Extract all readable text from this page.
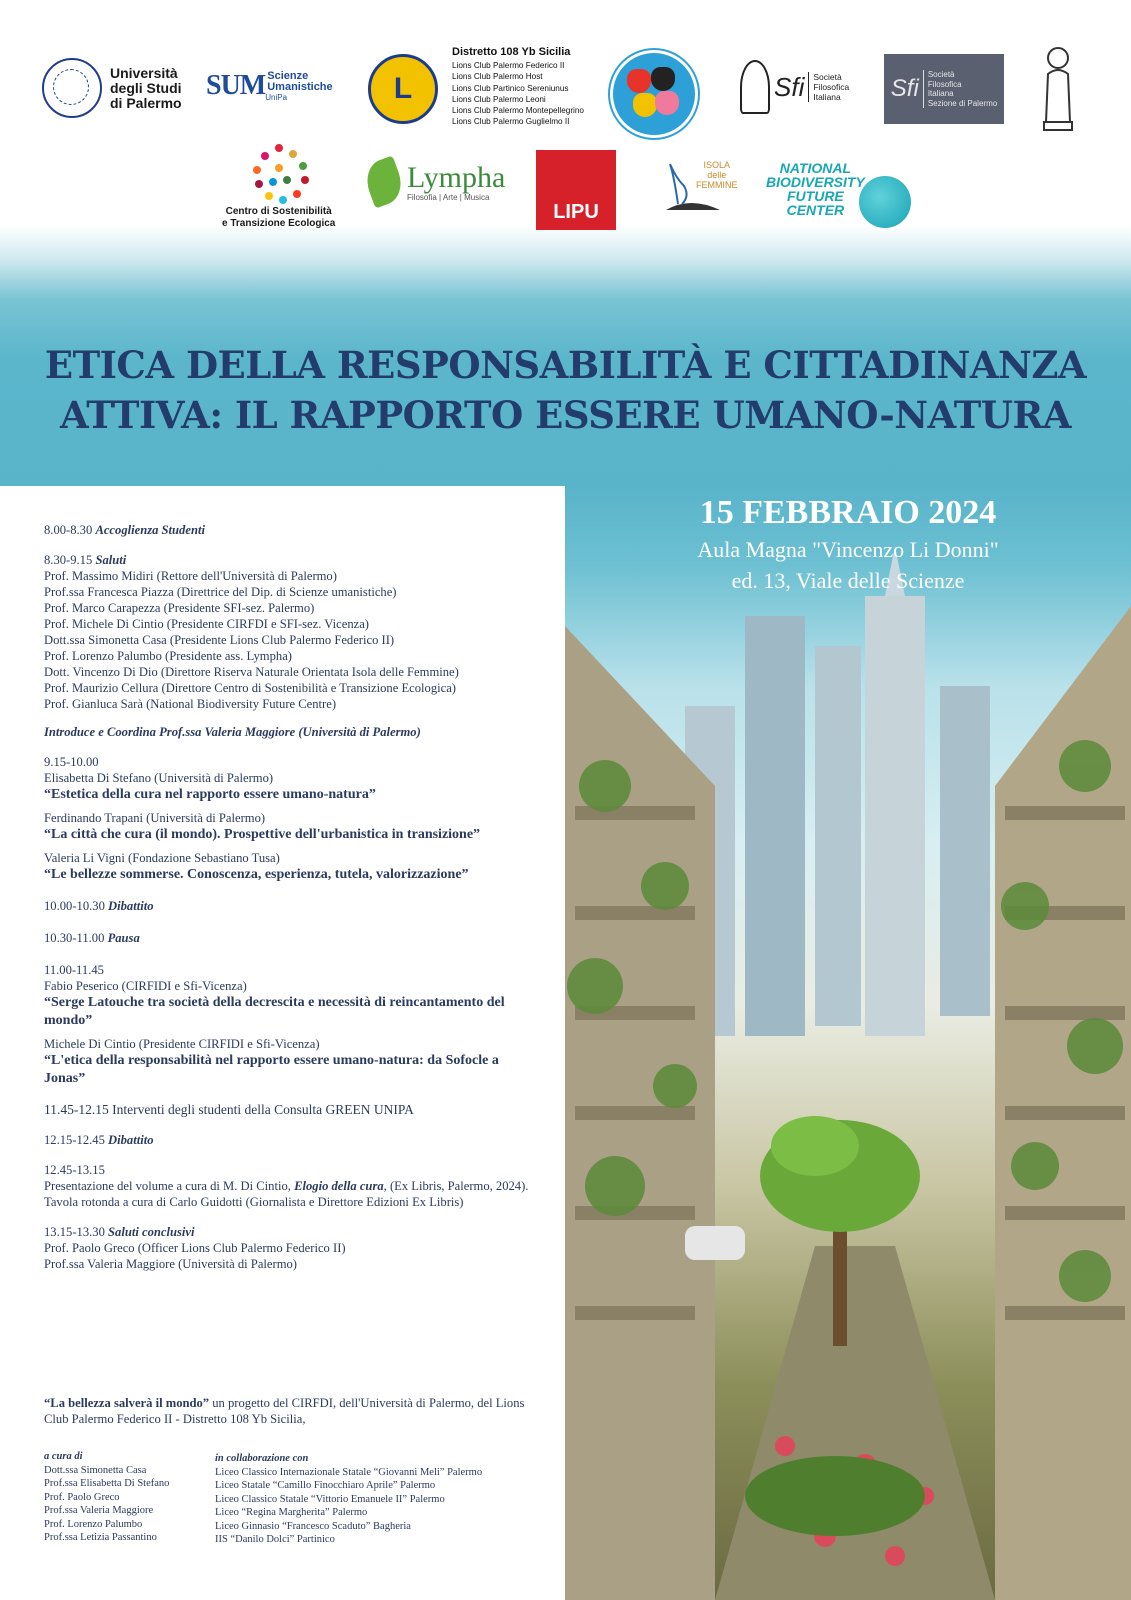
Università
degli Studi
di Palermo
SUM Scienze
Umanistiche
UniPa	L
Distretto 108 Yb Sicilia
Lions Club Palermo Federico II
Lions Club Palermo Host
Lions Club Partinico Sereniunus
Lions Club Palermo Leoni
Lions Club Palermo Montepellegrino
Lions Club Palermo Guglielmo II
Sfi	Società
Filosofica
Italiana	Sfi
Società
Filosofica
Italiana
Sezione di Palermo
Centro di Sostenibilità
e Transizione Ecologica
Lympha
Filosofia | Arte | Musica
LIPU
ISOLA
delle
FEMMINE
NATIONAL
BIODIVERSITY
FUTURE
CENTER
ETICA DELLA RESPONSABILITÀ E CITTADINANZA
ATTIVA: IL RAPPORTO ESSERE UMANO-NATURA
15 FEBBRAIO 2024
Aula Magna "Vincenzo Li Donni"
ed. 13, Viale delle Scienze
8.00-8.30 Accoglienza Studenti
8.30-9.15 Saluti
Prof. Massimo Midiri (Rettore dell'Università di Palermo)
Prof.ssa Francesca Piazza (Direttrice del Dip. di Scienze umanistiche)
Prof. Marco Carapezza (Presidente SFI-sez. Palermo)
Prof. Michele Di Cintio (Presidente CIRFDI e SFI-sez. Vicenza)
Dott.ssa Simonetta Casa (Presidente Lions Club Palermo Federico II)
Prof. Lorenzo Palumbo (Presidente ass. Lympha)
Dott. Vincenzo Di Dio (Direttore Riserva Naturale Orientata Isola delle Femmine)
Prof. Maurizio Cellura (Direttore Centro di Sostenibilità e Transizione Ecologica)
Prof. Gianluca Sarà (National Biodiversity Future Centre)
Introduce e Coordina Prof.ssa Valeria Maggiore (Università di Palermo)
9.15-10.00
Elisabetta Di Stefano (Università di Palermo)
“Estetica della cura nel rapporto essere umano-natura”
Ferdinando Trapani (Università di Palermo)
“La città che cura (il mondo). Prospettive dell'urbanistica in transizione”
Valeria Li Vigni (Fondazione Sebastiano Tusa)
“Le bellezze sommerse. Conoscenza, esperienza, tutela, valorizzazione”
10.00-10.30 Dibattito
10.30-11.00 Pausa
11.00-11.45
Fabio Peserico (CIRFIDI e Sfi-Vicenza)
“Serge Latouche tra società della decrescita e necessità di reincantamento del mondo”
Michele Di Cintio (Presidente CIRFIDI e Sfi-Vicenza)
“L'etica della responsabilità nel rapporto essere umano-natura: da Sofocle a Jonas”
11.45-12.15 Interventi degli studenti della Consulta GREEN UNIPA
12.15-12.45 Dibattito
12.45-13.15
Presentazione del volume a cura di M. Di Cintio, Elogio della cura, (Ex Libris, Palermo, 2024). Tavola rotonda a cura di Carlo Guidotti (Giornalista e Direttore Edizioni Ex Libris)
13.15-13.30 Saluti conclusivi
Prof. Paolo Greco (Officer Lions Club Palermo Federico II)
Prof.ssa Valeria Maggiore (Università di Palermo)
“La bellezza salverà il mondo” un progetto del CIRFDI, dell'Università di Palermo, del Lions Club Palermo Federico II - Distretto 108 Yb Sicilia,
a cura di
Dott.ssa Simonetta Casa
Prof.ssa Elisabetta Di Stefano
Prof. Paolo Greco
Prof.ssa Valeria Maggiore
Prof. Lorenzo Palumbo
Prof.ssa Letizia Passantino
in collaborazione con
Liceo Classico Internazionale Statale “Giovanni Meli” Palermo
Liceo Statale “Camillo Finocchiaro Aprile” Palermo
Liceo Classico Statale “Vittorio Emanuele II” Palermo
Liceo “Regina Margherita” Palermo
Liceo Ginnasio “Francesco Scaduto” Bagheria
IIS “Danilo Dolci” Partinico
